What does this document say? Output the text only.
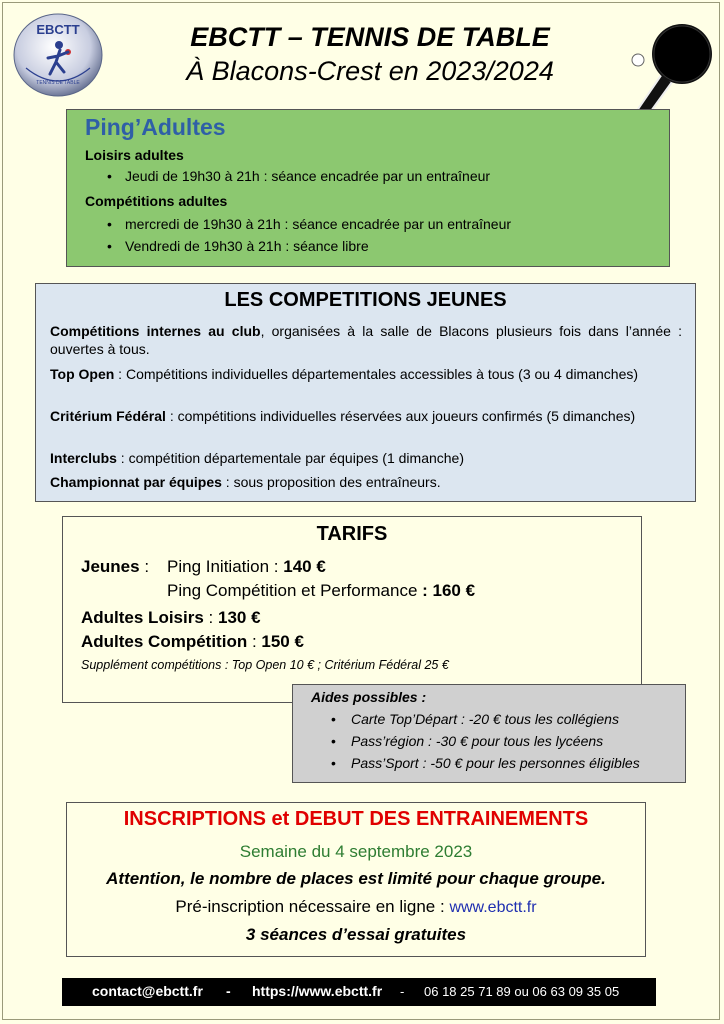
EBCTT
TENNIS DE TABLE
EBCTT – TENNIS DE TABLE
À Blacons-Crest en 2023/2024
Ping’Adultes
Loisirs adultes
• Jeudi de 19h30 à 21h : séance encadrée par un entraîneur
Compétitions adultes
• mercredi de 19h30 à 21h : séance encadrée par un entraîneur
• Vendredi de 19h30 à 21h : séance libre
LES COMPETITIONS JEUNES
Compétitions internes au club, organisées à la salle de Blacons plusieurs fois dans l’année : ouvertes à tous.
Top Open : Compétitions individuelles départementales accessibles à tous (3 ou 4 dimanches)
Critérium Fédéral : compétitions individuelles réservées aux joueurs confirmés (5 dimanches)
Interclubs : compétition départementale par équipes (1 dimanche)
Championnat par équipes : sous proposition des entraîneurs.
TARIFS
Jeunes : Ping Initiation : 140 €
Ping Compétition et Performance : 160 €
Adultes Loisirs : 130 €
Adultes Compétition : 150 €
Supplément compétitions : Top Open 10 € ; Critérium Fédéral 25 €
Aides possibles :
• Carte Top’Départ : -20 € tous les collégiens
• Pass’région : -30 € pour tous les lycéens
• Pass’Sport : -50 € pour les personnes éligibles
INSCRIPTIONS et DEBUT DES ENTRAINEMENTS
Semaine du 4 septembre 2023
Attention, le nombre de places est limité pour chaque groupe.
Pré-inscription nécessaire en ligne : www.ebctt.fr
3 séances d’essai gratuites
contact@ebctt.fr - https://www.ebctt.fr - 06 18 25 71 89 ou 06 63 09 35 05
